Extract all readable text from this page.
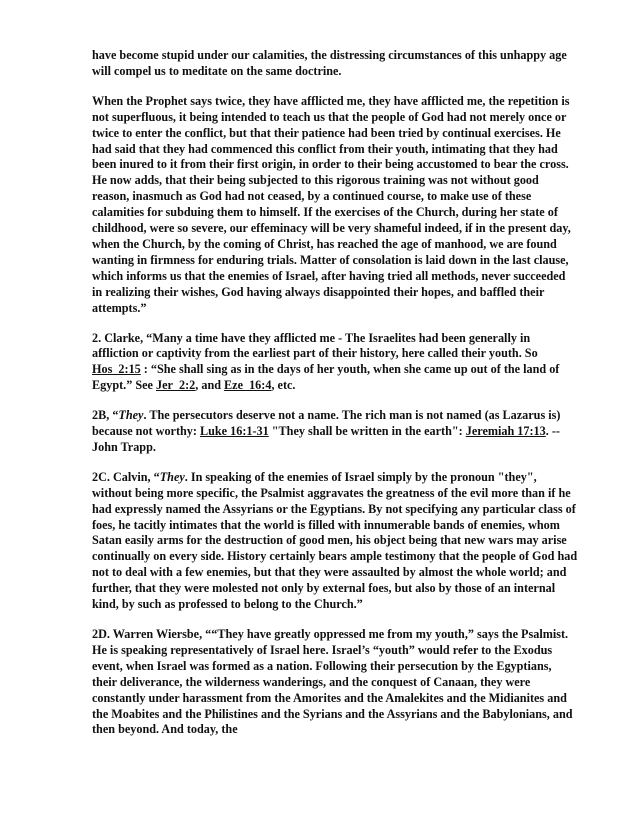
have become stupid under our calamities, the distressing circumstances of this unhappy age will compel us to meditate on the same doctrine.

When the Prophet says twice, they have afflicted me, they have afflicted me, the repetition is not superfluous, it being intended to teach us that the people of God had not merely once or twice to enter the conflict, but that their patience had been tried by continual exercises. He had said that they had commenced this conflict from their youth, intimating that they had been inured to it from their first origin, in order to their being accustomed to bear the cross. He now adds, that their being subjected to this rigorous training was not without good reason, inasmuch as God had not ceased, by a continued course, to make use of these calamities for subduing them to himself. If the exercises of the Church, during her state of childhood, were so severe, our effeminacy will be very shameful indeed, if in the present day, when the Church, by the coming of Christ, has reached the age of manhood, we are found wanting in firmness for enduring trials. Matter of consolation is laid down in the last clause, which informs us that the enemies of Israel, after having tried all methods, never succeeded in realizing their wishes, God having always disappointed their hopes, and baffled their attempts.”

2. Clarke, “Many a time have they afflicted me - The Israelites had been generally in affliction or captivity from the earliest part of their history, here called their youth. So Hos_2:15 : “She shall sing as in the days of her youth, when she came up out of the land of Egypt.” See Jer_2:2, and Eze_16:4, etc.

2B, “They. The persecutors deserve not a name. The rich man is not named (as Lazarus is) because not worthy: Luke 16:1-31 "They shall be written in the earth": Jeremiah 17:13. --John Trapp.

2C. Calvin, “They. In speaking of the enemies of Israel simply by the pronoun "they", without being more specific, the Psalmist aggravates the greatness of the evil more than if he had expressly named the Assyrians or the Egyptians. By not specifying any particular class of foes, he tacitly intimates that the world is filled with innumerable bands of enemies, whom Satan easily arms for the destruction of good men, his object being that new wars may arise continually on every side. History certainly bears ample testimony that the people of God had not to deal with a few enemies, but that they were assaulted by almost the whole world; and further, that they were molested not only by external foes, but also by those of an internal kind, by such as professed to belong to the Church.”

2D. Warren Wiersbe, ““They have greatly oppressed me from my youth,” says the Psalmist. He is speaking representatively of Israel here. Israel’s “youth” would refer to the Exodus event, when Israel was formed as a nation. Following their persecution by the Egyptians, their deliverance, the wilderness wanderings, and the conquest of Canaan, they were constantly under harassment from the Amorites and the Amalekites and the Midianites and the Moabites and the Philistines and the Syrians and the Assyrians and the Babylonians, and then beyond. And today, the
